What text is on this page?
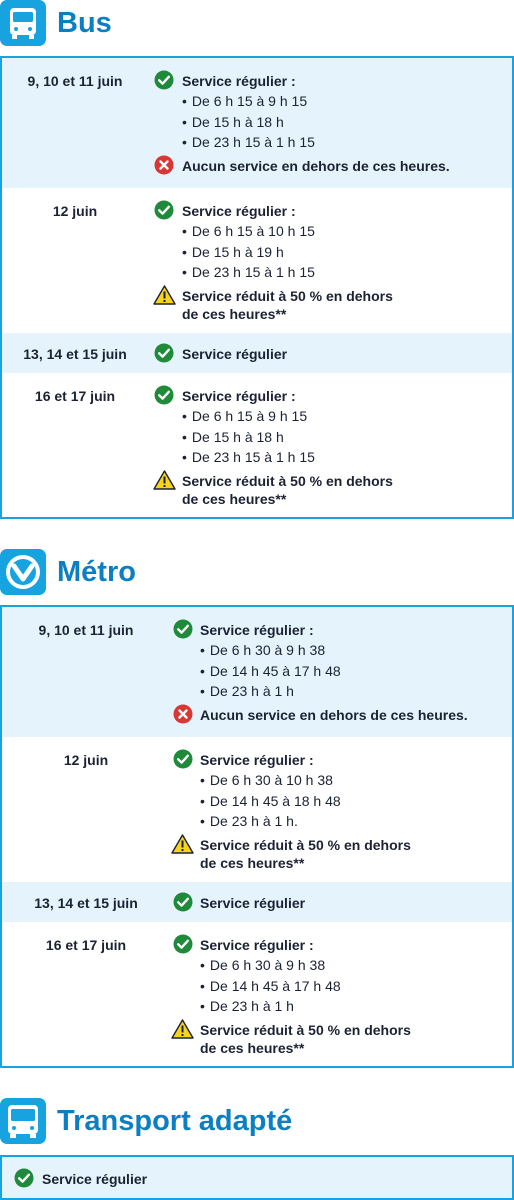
Bus
9, 10 et 11 juin	Service régulier :
• De 6 h 15 à 9 h 15
• De 15 h à 18 h
• De 23 h 15 à 1 h 15
Aucun service en dehors de ces heures.
12 juin	Service régulier :
• De 6 h 15 à 10 h 15
• De 15 h à 19 h
• De 23 h 15 à 1 h 15
Service réduit à 50 % en dehors
de ces heures**
13, 14 et 15 juin	Service régulier
16 et 17 juin	Service régulier :
• De 6 h 15 à 9 h 15
• De 15 h à 18 h
• De 23 h 15 à 1 h 15
Service réduit à 50 % en dehors
de ces heures**
Métro
9, 10 et 11 juin	Service régulier :
• De 6 h 30 à 9 h 38
• De 14 h 45 à 17 h 48
• De 23 h à 1 h
Aucun service en dehors de ces heures.
12 juin	Service régulier :
• De 6 h 30 à 10 h 38
• De 14 h 45 à 18 h 48
• De 23 h à 1 h.
Service réduit à 50 % en dehors
de ces heures**
13, 14 et 15 juin	Service régulier
16 et 17 juin	Service régulier :
• De 6 h 30 à 9 h 38
• De 14 h 45 à 17 h 48
• De 23 h à 1 h
Service réduit à 50 % en dehors
de ces heures**
Transport adapté
Service régulier
